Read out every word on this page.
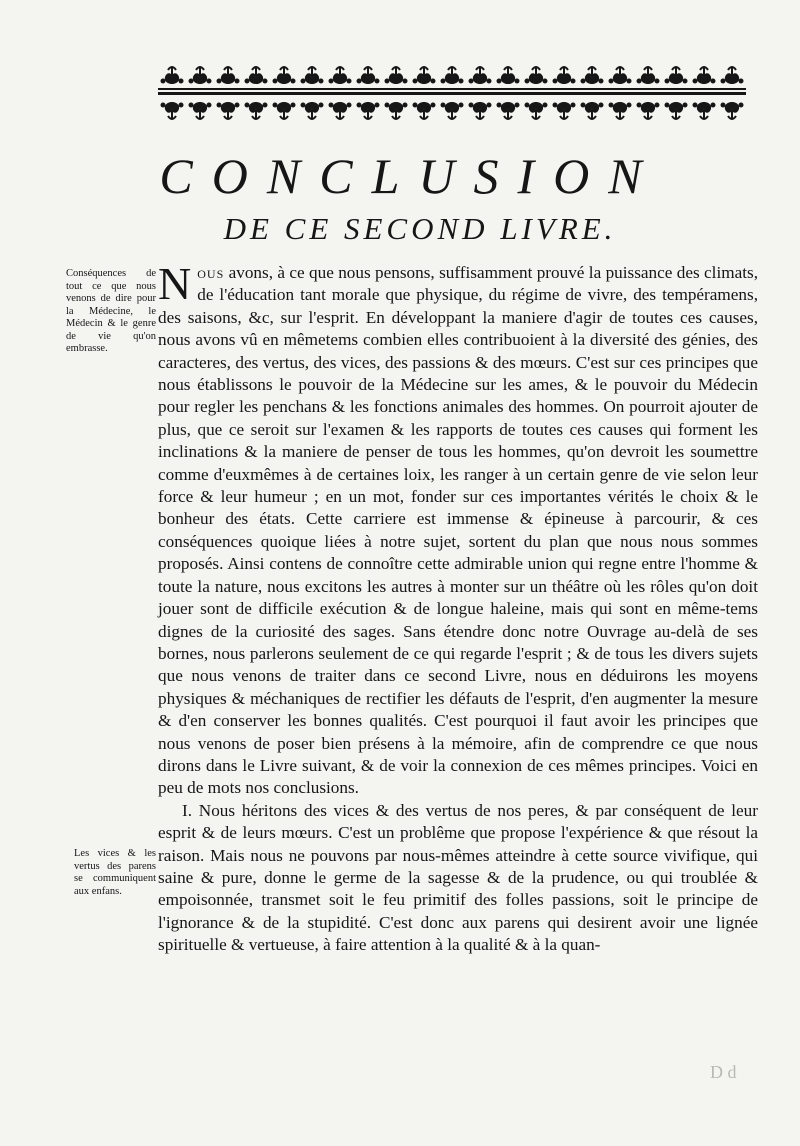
CONCLUSION
DE CE SECOND LIVRE.
Conséquences de tout ce que nous venons de dire pour la Médecine, le Médecin & le genre de vie qu'on embrasse.
Les vices & les vertus des parens se communiquent aux enfans.

Nous avons, à ce que nous pensons, suffisamment prouvé la puissance des climats, de l'éducation tant morale que physique, du régime de vivre, des tempéramens, des saisons, &c, sur l'esprit. En développant la maniere d'agir de toutes ces causes, nous avons vû en mêmetems combien elles contribuoient à la diversité des génies, des caracteres, des vertus, des vices, des passions & des mœurs. C'est sur ces principes que nous établissons le pouvoir de la Médecine sur les ames, & le pouvoir du Médecin pour regler les penchans & les fonctions animales des hommes. On pourroit ajouter de plus, que ce seroit sur l'examen & les rapports de toutes ces causes qui forment les inclinations & la maniere de penser de tous les hommes, qu'on devroit les soumettre comme d'euxmêmes à de certaines loix, les ranger à un certain genre de vie selon leur force & leur humeur ; en un mot, fonder sur ces importantes vérités le choix & le bonheur des états. Cette carriere est immense & épineuse à parcourir, & ces conséquences quoique liées à notre sujet, sortent du plan que nous nous sommes proposés. Ainsi contens de connoître cette admirable union qui regne entre l'homme & toute la nature, nous excitons les autres à monter sur un théâtre où les rôles qu'on doit jouer sont de difficile exécution & de longue haleine, mais qui sont en même-tems dignes de la curiosité des sages. Sans étendre donc notre Ouvrage au-delà de ses bornes, nous parlerons seulement de ce qui regarde l'esprit ; & de tous les divers sujets que nous venons de traiter dans ce second Livre, nous en déduirons les moyens physiques & méchaniques de rectifier les défauts de l'esprit, d'en augmenter la mesure & d'en conserver les bonnes qualités. C'est pourquoi il faut avoir les principes que nous venons de poser bien présens à la mémoire, afin de comprendre ce que nous dirons dans le Livre suivant, & de voir la connexion de ces mêmes principes. Voici en peu de mots nos conclusions.

I. Nous héritons des vices & des vertus de nos peres, & par conséquent de leur esprit & de leurs mœurs. C'est un problême que propose l'expérience & que résout la raison. Mais nous ne pouvons par nous-mêmes atteindre à cette source vivifique, qui saine & pure, donne le germe de la sagesse & de la prudence, ou qui troublée & empoisonnée, transmet soit le feu primitif des folles passions, soit le principe de l'ignorance & de la stupidité. C'est donc aux parens qui desirent avoir une lignée spirituelle & vertueuse, à faire attention à la qualité & à la quan-

D d
